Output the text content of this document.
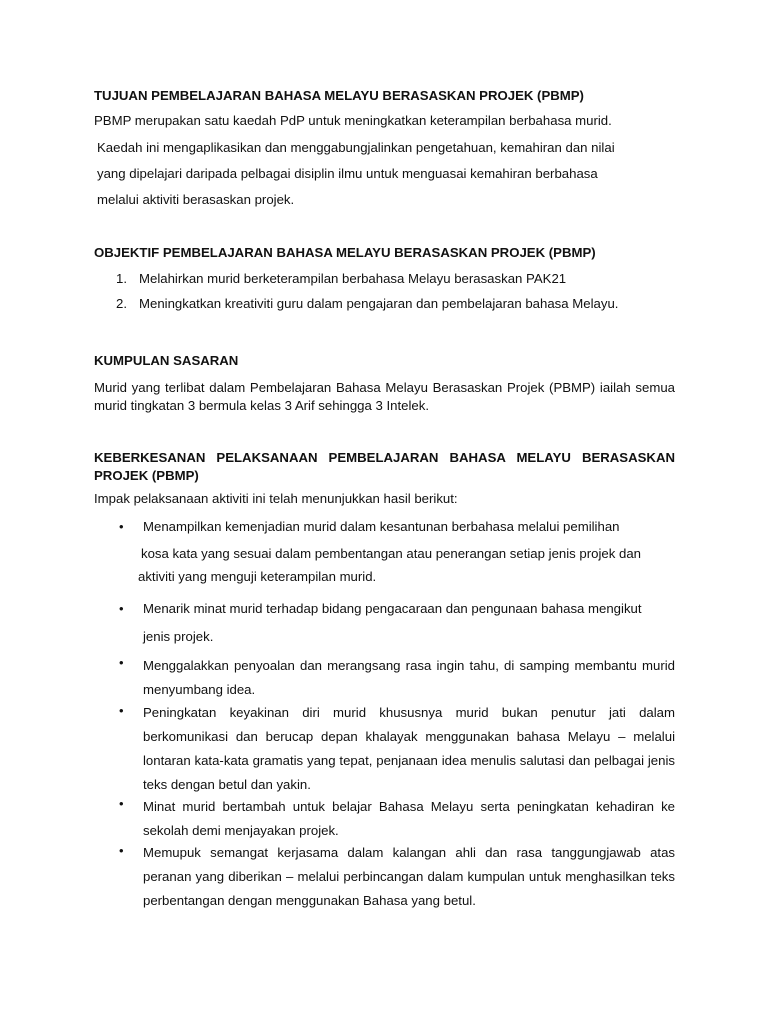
TUJUAN PEMBELAJARAN BAHASA MELAYU BERASASKAN PROJEK (PBMP)
PBMP merupakan satu kaedah PdP untuk meningkatkan keterampilan berbahasa murid.
Kaedah ini mengaplikasikan dan menggabungjalinkan pengetahuan, kemahiran dan nilai
yang dipelajari daripada pelbagai disiplin ilmu untuk menguasai kemahiran berbahasa
melalui aktiviti berasaskan projek.
OBJEKTIF PEMBELAJARAN BAHASA MELAYU BERASASKAN PROJEK (PBMP)
1. Melahirkan murid berketerampilan berbahasa Melayu berasaskan PAK21
2. Meningkatkan kreativiti guru dalam pengajaran dan pembelajaran bahasa Melayu.
KUMPULAN SASARAN
Murid yang terlibat dalam Pembelajaran Bahasa Melayu Berasaskan Projek (PBMP) iailah semua murid tingkatan 3 bermula kelas 3 Arif sehingga 3 Intelek.
KEBERKESANAN PELAKSANAAN PEMBELAJARAN BAHASA MELAYU BERASASKAN PROJEK (PBMP)
Impak pelaksanaan aktiviti ini telah menunjukkan hasil berikut:
• Menampilkan kemenjadian murid dalam kesantunan berbahasa melalui pemilihan
kosa kata yang sesuai dalam pembentangan atau penerangan setiap jenis projek dan
aktiviti yang menguji keterampilan murid.
• Menarik minat murid terhadap bidang pengacaraan dan pengunaan bahasa mengikut
jenis projek.
• Menggalakkan penyoalan dan merangsang rasa ingin tahu, di samping membantu murid menyumbang idea.
• Peningkatan keyakinan diri murid khususnya murid bukan penutur jati dalam berkomunikasi dan berucap depan khalayak menggunakan bahasa Melayu – melalui lontaran kata-kata gramatis yang tepat, penjanaan idea menulis salutasi dan pelbagai jenis teks dengan betul dan yakin.
• Minat murid bertambah untuk belajar Bahasa Melayu serta peningkatan kehadiran ke sekolah demi menjayakan projek.
• Memupuk semangat kerjasama dalam kalangan ahli dan rasa tanggungjawab atas peranan yang diberikan – melalui perbincangan dalam kumpulan untuk menghasilkan teks perbentangan dengan menggunakan Bahasa yang betul.
